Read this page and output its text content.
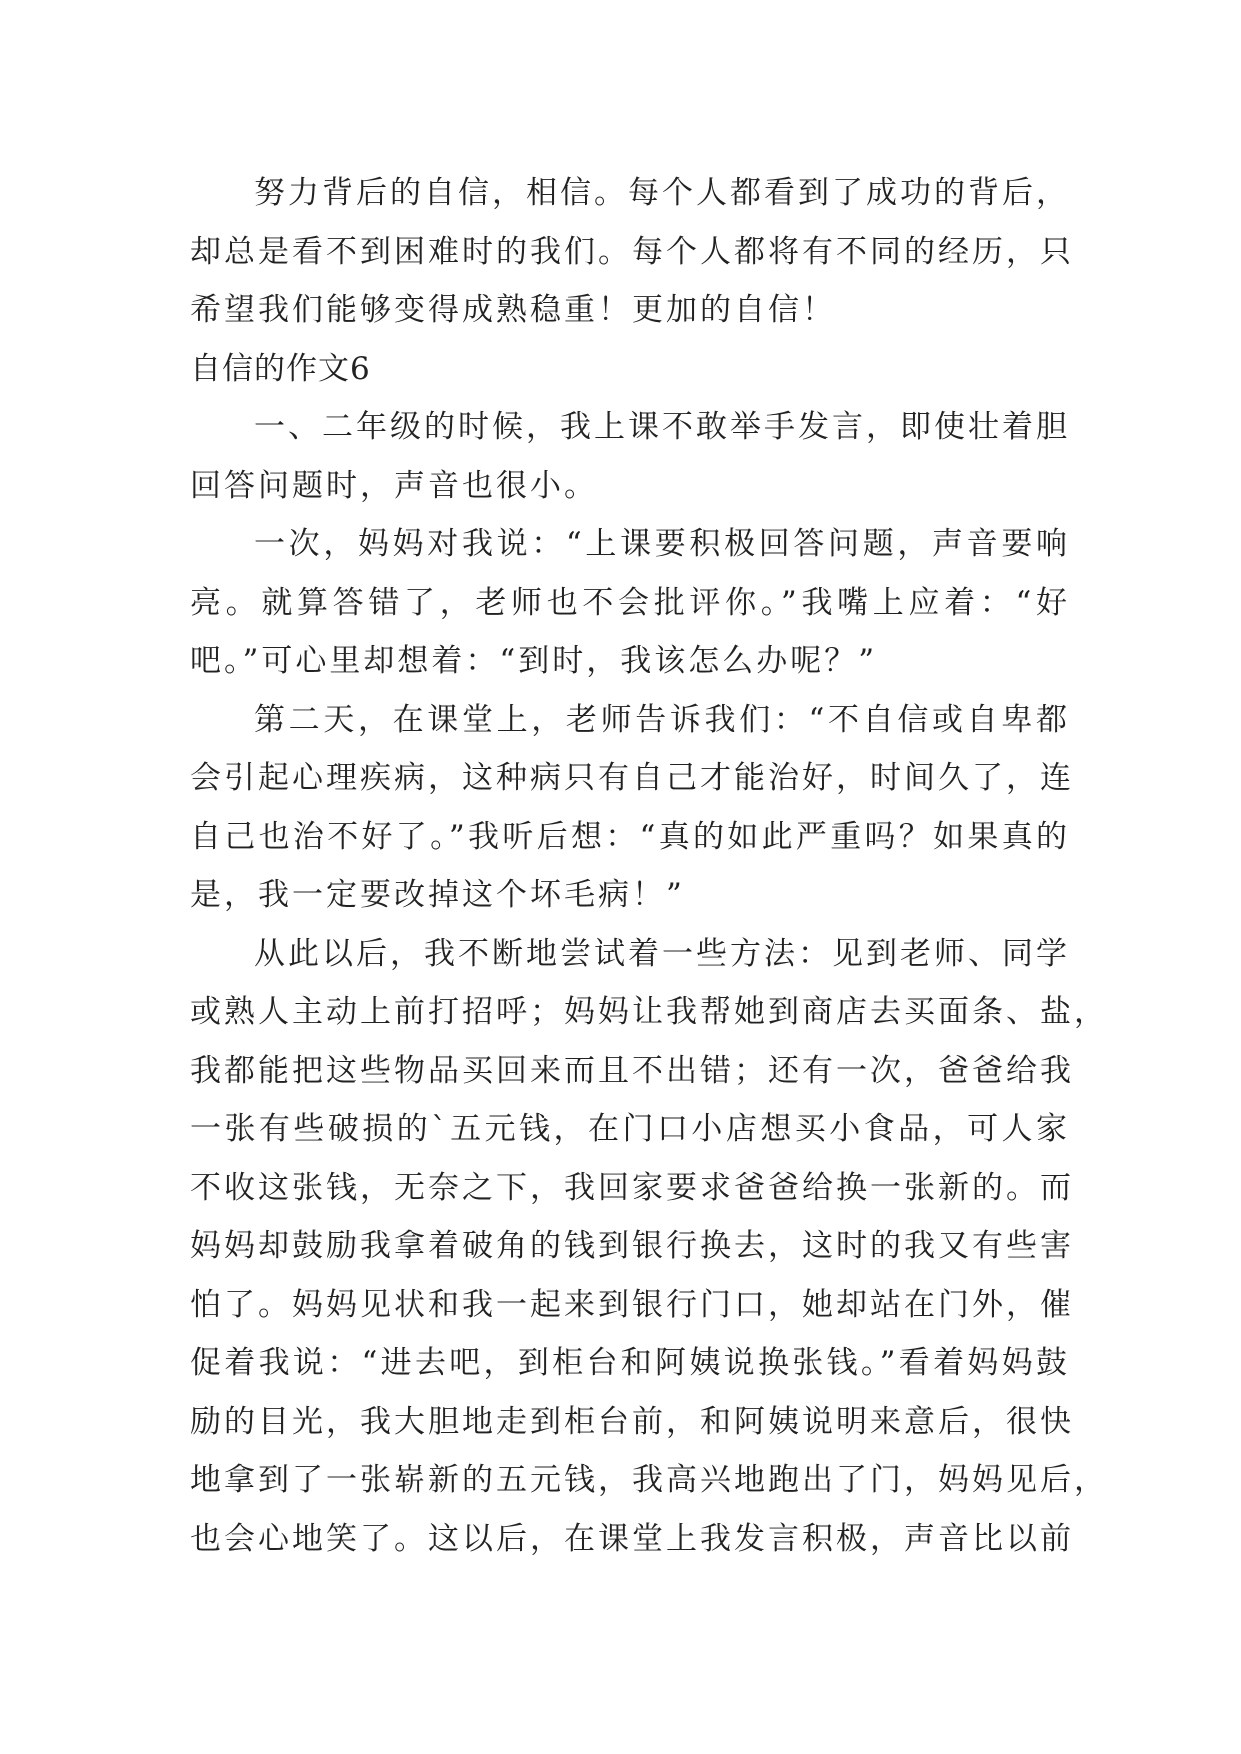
努力背后的自信，相信。每个人都看到了成功的背后，
却总是看不到困难时的我们。每个人都将有不同的经历，只
希望我们能够变得成熟稳重！更加的自信！
自信的作文6
一、二年级的时候，我上课不敢举手发言，即使壮着胆
回答问题时，声音也很小。
一次，妈妈对我说：“上课要积极回答问题，声音要响
亮。就算答错了，老师也不会批评你。”我嘴上应着：“好
吧。”可心里却想着：“到时，我该怎么办呢？”
第二天，在课堂上，老师告诉我们：“不自信或自卑都
会引起心理疾病，这种病只有自己才能治好，时间久了，连
自己也治不好了。”我听后想：“真的如此严重吗？如果真的
是，我一定要改掉这个坏毛病！”
从此以后，我不断地尝试着一些方法：见到老师、同学
或熟人主动上前打招呼；妈妈让我帮她到商店去买面条、盐，
我都能把这些物品买回来而且不出错；还有一次，爸爸给我
一张有些破损的`五元钱，在门口小店想买小食品，可人家
不收这张钱，无奈之下，我回家要求爸爸给换一张新的。而
妈妈却鼓励我拿着破角的钱到银行换去，这时的我又有些害
怕了。妈妈见状和我一起来到银行门口，她却站在门外，催
促着我说：“进去吧，到柜台和阿姨说换张钱。”看着妈妈鼓
励的目光，我大胆地走到柜台前，和阿姨说明来意后，很快
地拿到了一张崭新的五元钱，我高兴地跑出了门，妈妈见后，
也会心地笑了。这以后，在课堂上我发言积极，声音比以前
